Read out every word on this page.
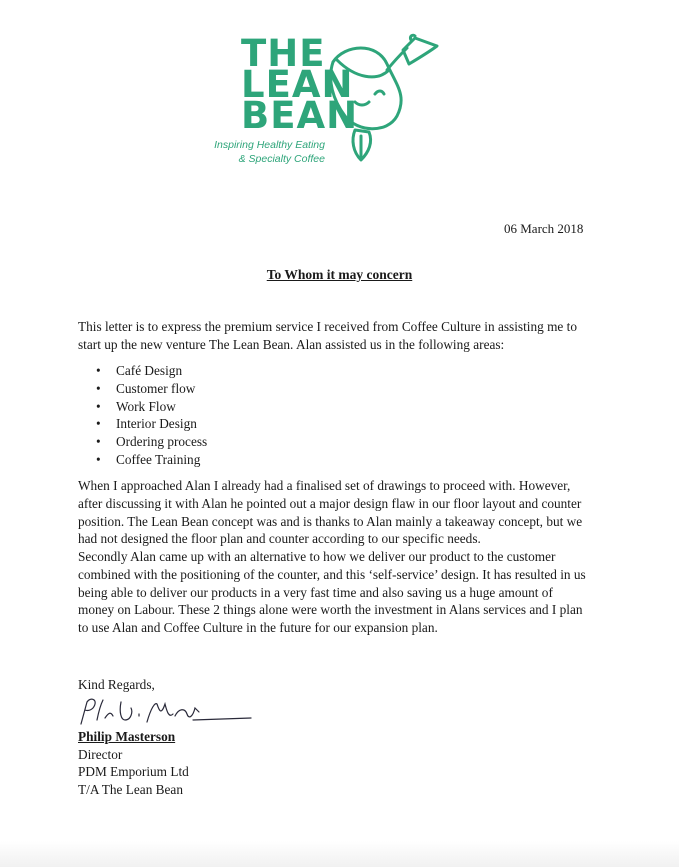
THE
LEAN
BEAN
Inspiring Healthy Eating
& Specialty Coffee
06 March 2018
To Whom it may concern
This letter is to express the premium service I received from Coffee Culture in assisting me to start up the new venture The Lean Bean. Alan assisted us in the following areas:
• Café Design
• Customer flow
• Work Flow
• Interior Design
• Ordering process
• Coffee Training
When I approached Alan I already had a finalised set of drawings to proceed with. However, after discussing it with Alan he pointed out a major design flaw in our floor layout and counter position. The Lean Bean concept was and is thanks to Alan mainly a takeaway concept, but we had not designed the floor plan and counter according to our specific needs.
Secondly Alan came up with an alternative to how we deliver our product to the customer combined with the positioning of the counter, and this ‘self-service’ design. It has resulted in us being able to deliver our products in a very fast time and also saving us a huge amount of money on Labour. These 2 things alone were worth the investment in Alans services and I plan to use Alan and Coffee Culture in the future for our expansion plan.
Kind Regards,
Philip Masterson
Director
PDM Emporium Ltd
T/A The Lean Bean
